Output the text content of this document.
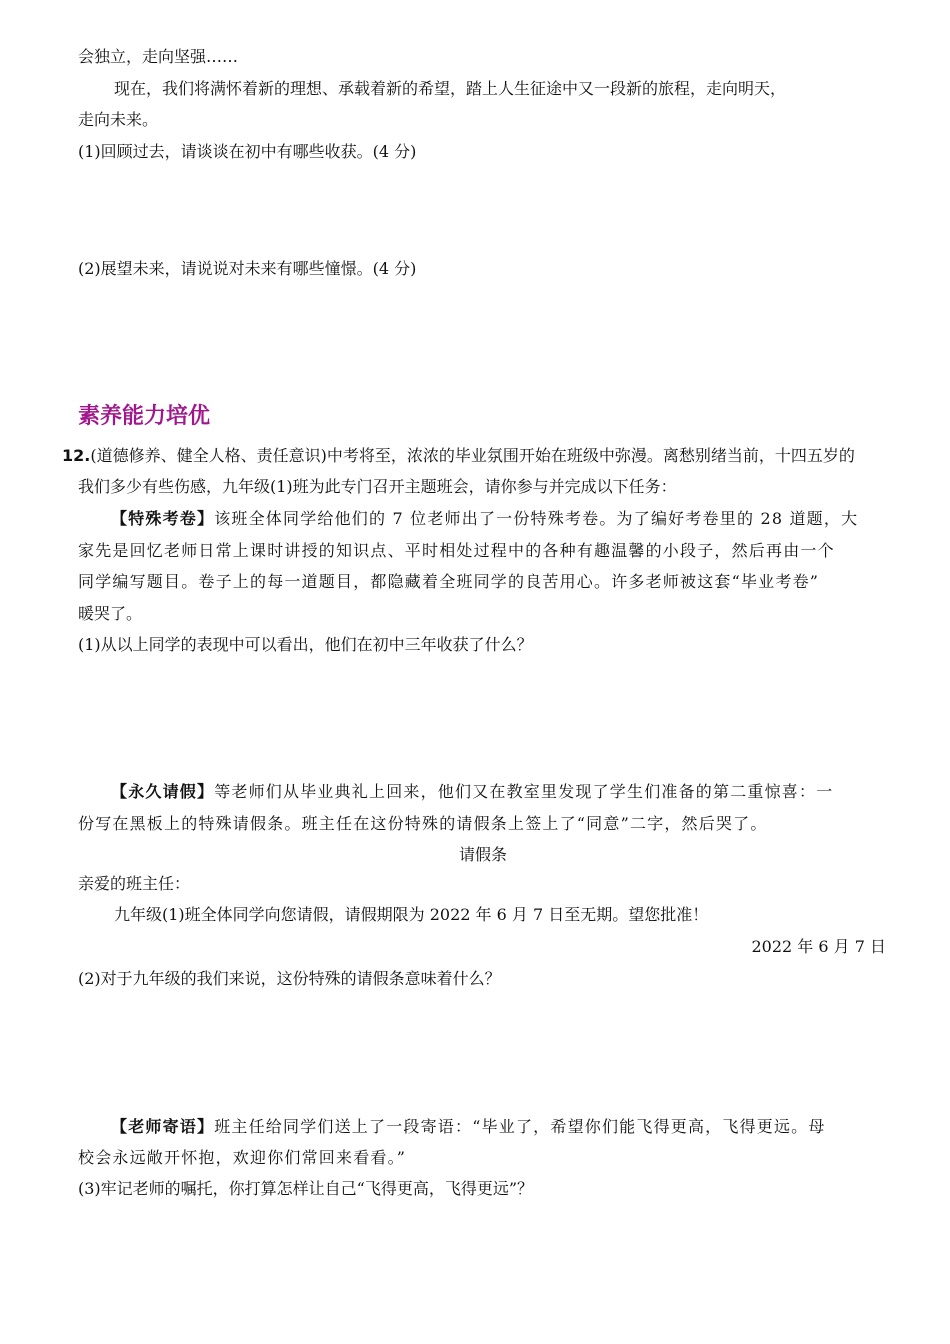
会独立，走向坚强……
现在，我们将满怀着新的理想、承载着新的希望，踏上人生征途中又一段新的旅程，走向明天，
走向未来。
(1)回顾过去，请谈谈在初中有哪些收获。(4 分)
(2)展望未来，请说说对未来有哪些憧憬。(4 分)
素养能力培优
12.(道德修养、健全人格、责任意识)中考将至，浓浓的毕业氛围开始在班级中弥漫。离愁别绪当前，十四五岁的
我们多少有些伤感，九年级(1)班为此专门召开主题班会，请你参与并完成以下任务：
【特殊考卷】该班全体同学给他们的 7 位老师出了一份特殊考卷。为了编好考卷里的 28 道题，大
家先是回忆老师日常上课时讲授的知识点、平时相处过程中的各种有趣温馨的小段子，然后再由一个
同学编写题目。卷子上的每一道题目，都隐藏着全班同学的良苦用心。许多老师被这套“毕业考卷”
暖哭了。
(1)从以上同学的表现中可以看出，他们在初中三年收获了什么？
【永久请假】等老师们从毕业典礼上回来，他们又在教室里发现了学生们准备的第二重惊喜：一
份写在黑板上的特殊请假条。班主任在这份特殊的请假条上签上了“同意”二字，然后哭了。
请假条
亲爱的班主任：
九年级(1)班全体同学向您请假，请假期限为 2022 年 6 月 7 日至无期。望您批准！
2022 年 6 月 7 日
(2)对于九年级的我们来说，这份特殊的请假条意味着什么？
【老师寄语】班主任给同学们送上了一段寄语：“毕业了，希望你们能飞得更高，飞得更远。母
校会永远敞开怀抱，欢迎你们常回来看看。”
(3)牢记老师的嘱托，你打算怎样让自己“飞得更高，飞得更远”？
